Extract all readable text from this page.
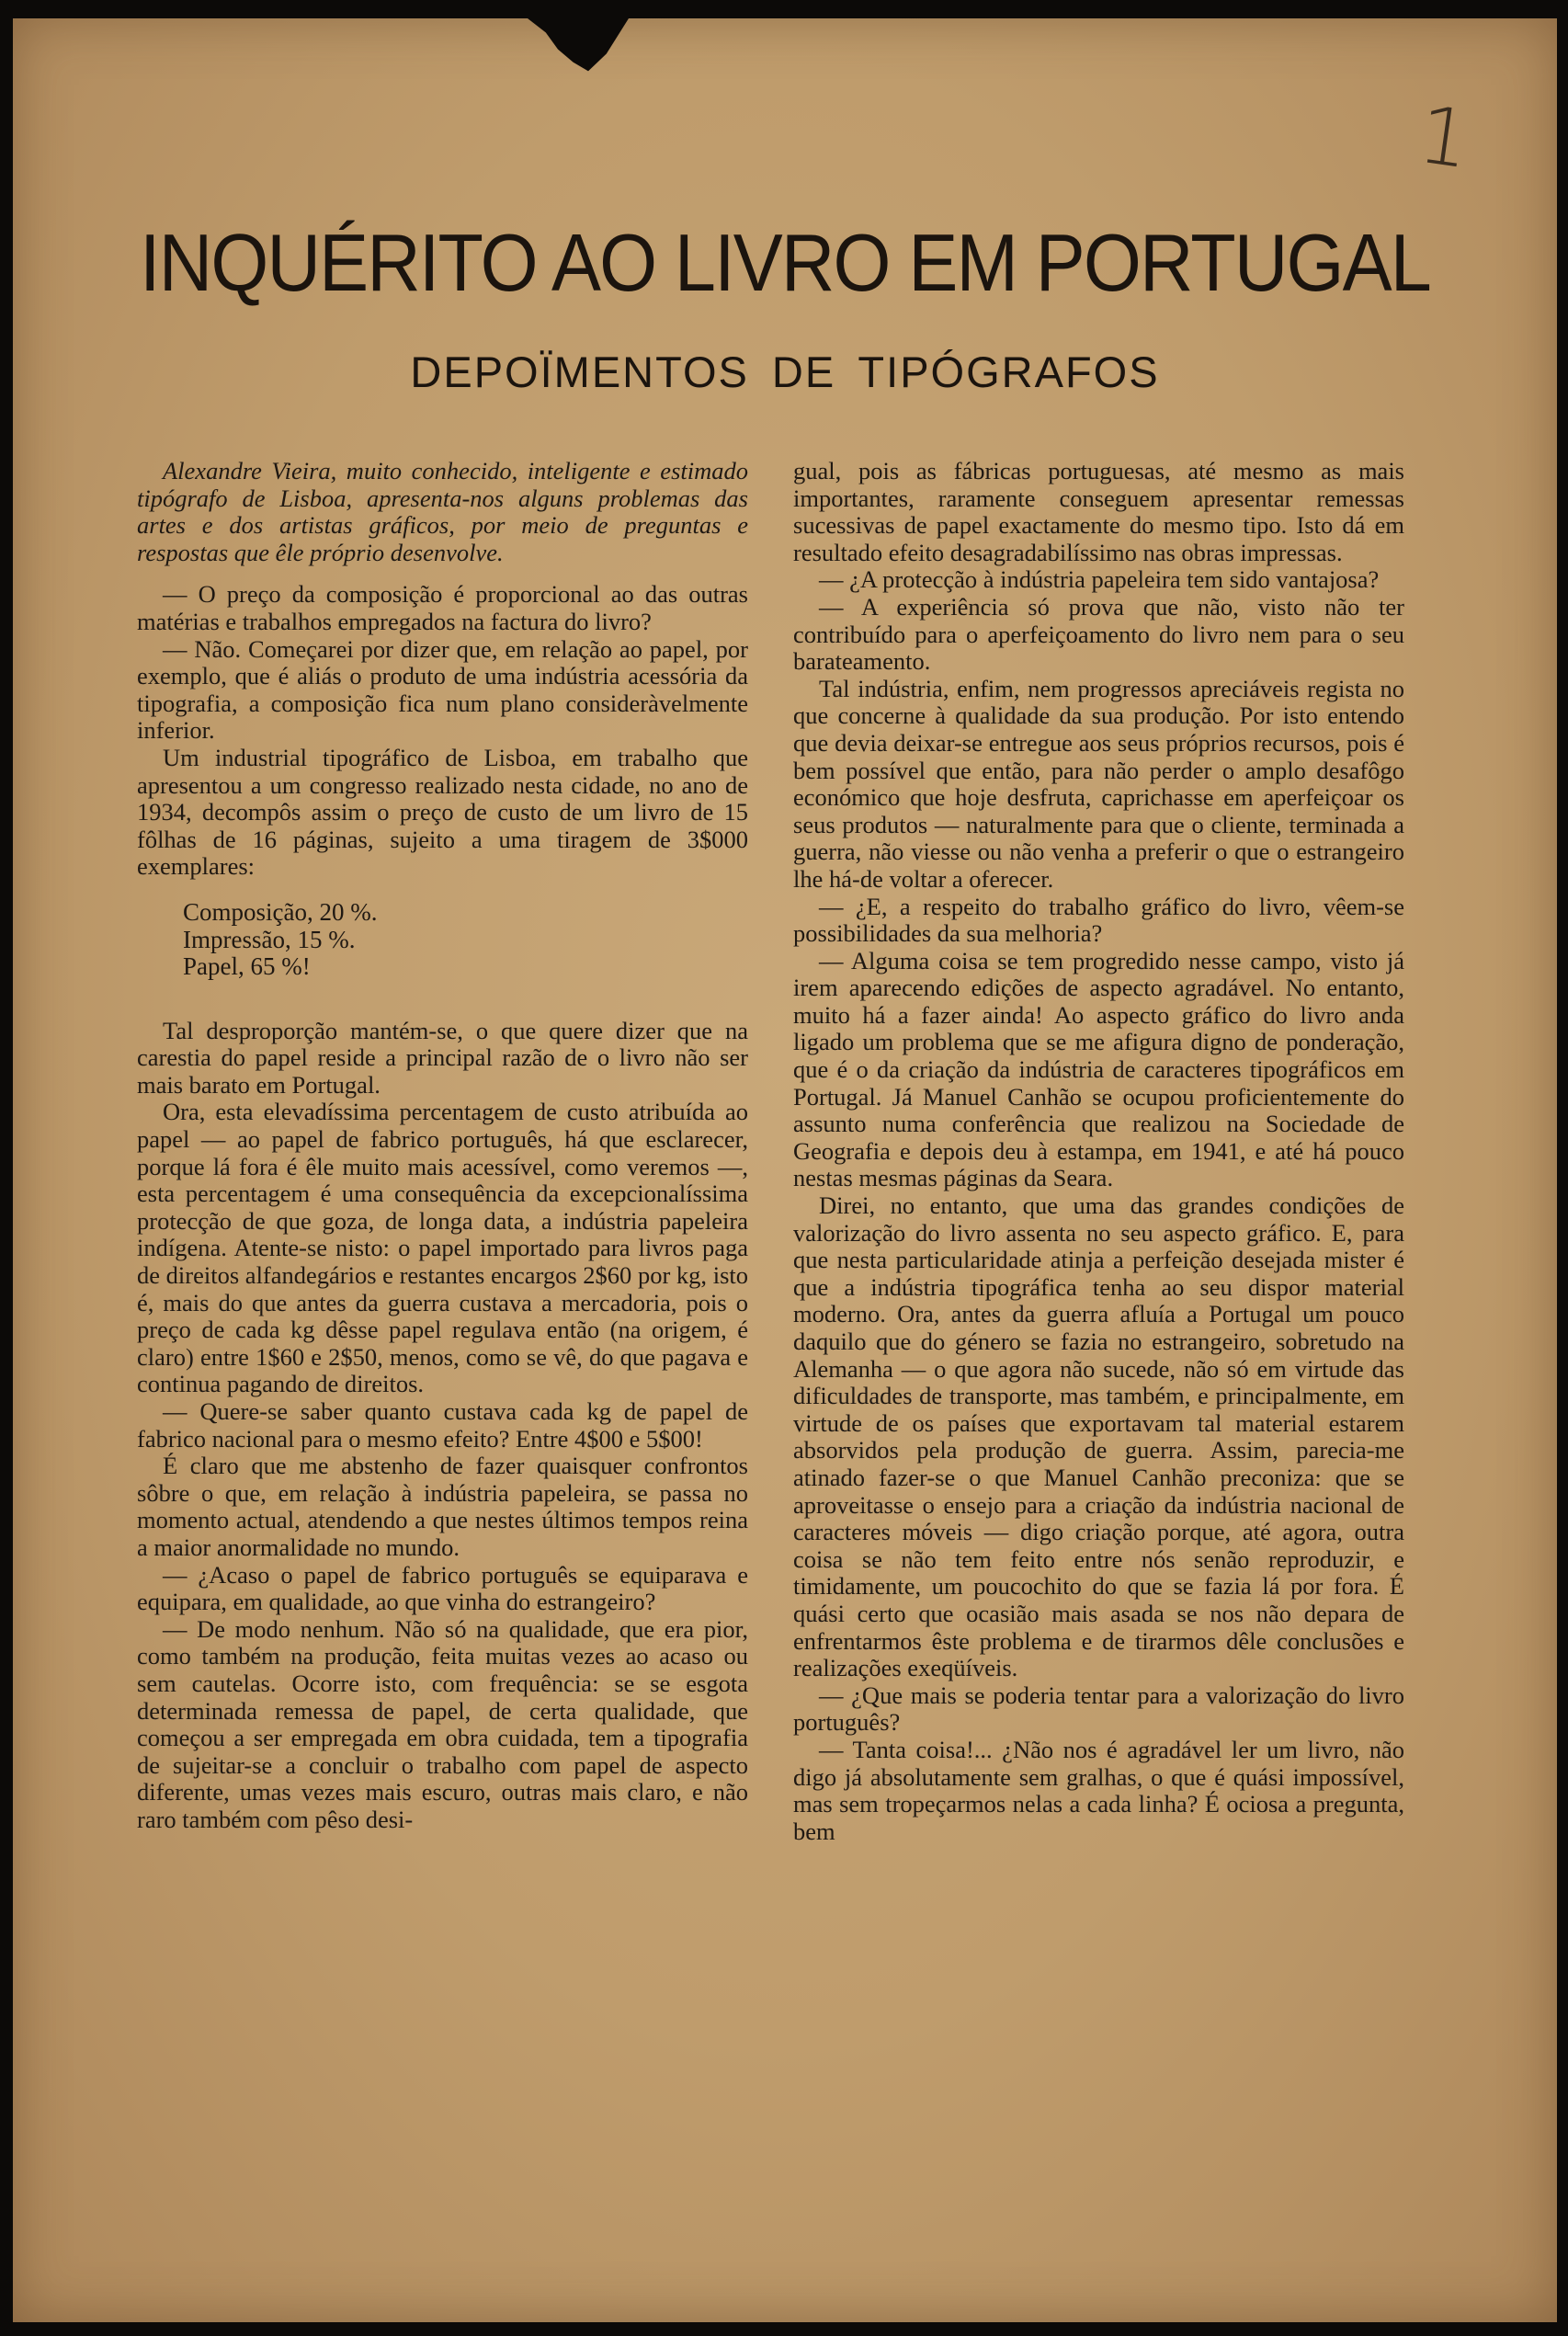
1
INQUÉRITO AO LIVRO EM PORTUGAL
DEPOÏMENTOS DE TIPÓGRAFOS

Alexandre Vieira, muito conhecido, inteligente e estimado tipógrafo de Lisboa, apresenta-nos alguns problemas das artes e dos artistas gráficos, por meio de preguntas e respostas que êle próprio desenvolve.

— O preço da composição é proporcional ao das outras matérias e trabalhos empregados na factura do livro?

— Não. Começarei por dizer que, em relação ao papel, por exemplo, que é aliás o produto de uma indústria acessória da tipografia, a composição fica num plano consideràvelmente inferior.

Um industrial tipográfico de Lisboa, em trabalho que apresentou a um congresso realizado nesta cidade, no ano de 1934, decompôs assim o preço de custo de um livro de 15 fôlhas de 16 páginas, sujeito a uma tiragem de 3$000 exemplares:

Composição, 20 %.
Impressão, 15 %.
Papel, 65 %!

Tal desproporção mantém-se, o que quere dizer que na carestia do papel reside a principal razão de o livro não ser mais barato em Portugal.

Ora, esta elevadíssima percentagem de custo atribuída ao papel — ao papel de fabrico português, há que esclarecer, porque lá fora é êle muito mais acessível, como veremos —, esta percentagem é uma consequência da excepcionalíssima protecção de que goza, de longa data, a indústria papeleira indígena. Atente-se nisto: o papel importado para livros paga de direitos alfandegários e restantes encargos 2$60 por kg, isto é, mais do que antes da guerra custava a mercadoria, pois o preço de cada kg dêsse papel regulava então (na origem, é claro) entre 1$60 e 2$50, menos, como se vê, do que pagava e continua pagando de direitos.

— Quere-se saber quanto custava cada kg de papel de fabrico nacional para o mesmo efeito? Entre 4$00 e 5$00!

É claro que me abstenho de fazer quaisquer confrontos sôbre o que, em relação à indústria papeleira, se passa no momento actual, atendendo a que nestes últimos tempos reina a maior anormalidade no mundo.

— ¿Acaso o papel de fabrico português se equiparava e equipara, em qualidade, ao que vinha do estrangeiro?

— De modo nenhum. Não só na qualidade, que era pior, como também na produção, feita muitas vezes ao acaso ou sem cautelas. Ocorre isto, com frequência: se se esgota determinada remessa de papel, de certa qualidade, que começou a ser empregada em obra cuidada, tem a tipografia de sujeitar-se a concluir o trabalho com papel de aspecto diferente, umas vezes mais escuro, outras mais claro, e não raro também com pêso desi-

gual, pois as fábricas portuguesas, até mesmo as mais importantes, raramente conseguem apresentar remessas sucessivas de papel exactamente do mesmo tipo. Isto dá em resultado efeito desagradabilíssimo nas obras impressas.

— ¿A protecção à indústria papeleira tem sido vantajosa?

— A experiência só prova que não, visto não ter contribuído para o aperfeiçoamento do livro nem para o seu barateamento.

Tal indústria, enfim, nem progressos apreciáveis regista no que concerne à qualidade da sua produção. Por isto entendo que devia deixar-se entregue aos seus próprios recursos, pois é bem possível que então, para não perder o amplo desafôgo económico que hoje desfruta, caprichasse em aperfeiçoar os seus produtos — naturalmente para que o cliente, terminada a guerra, não viesse ou não venha a preferir o que o estrangeiro lhe há-de voltar a oferecer.

— ¿E, a respeito do trabalho gráfico do livro, vêem-se possibilidades da sua melhoria?

— Alguma coisa se tem progredido nesse campo, visto já irem aparecendo edições de aspecto agradável. No entanto, muito há a fazer ainda! Ao aspecto gráfico do livro anda ligado um problema que se me afigura digno de ponderação, que é o da criação da indústria de caracteres tipográficos em Portugal. Já Manuel Canhão se ocupou proficientemente do assunto numa conferência que realizou na Sociedade de Geografia e depois deu à estampa, em 1941, e até há pouco nestas mesmas páginas da Seara.

Direi, no entanto, que uma das grandes condições de valorização do livro assenta no seu aspecto gráfico. E, para que nesta particularidade atinja a perfeição desejada mister é que a indústria tipográfica tenha ao seu dispor material moderno. Ora, antes da guerra afluía a Portugal um pouco daquilo que do género se fazia no estrangeiro, sobretudo na Alemanha — o que agora não sucede, não só em virtude das dificuldades de transporte, mas também, e principalmente, em virtude de os países que exportavam tal material estarem absorvidos pela produção de guerra. Assim, parecia-me atinado fazer-se o que Manuel Canhão preconiza: que se aproveitasse o ensejo para a criação da indústria nacional de caracteres móveis — digo criação porque, até agora, outra coisa se não tem feito entre nós senão reproduzir, e timidamente, um poucochito do que se fazia lá por fora. É quási certo que ocasião mais asada se nos não depara de enfrentarmos êste problema e de tirarmos dêle conclusões e realizações exeqüíveis.

— ¿Que mais se poderia tentar para a valorização do livro português?

— Tanta coisa!... ¿Não nos é agradável ler um livro, não digo já absolutamente sem gralhas, o que é quási impossível, mas sem tropeçarmos nelas a cada linha? É ociosa a pregunta, bem
